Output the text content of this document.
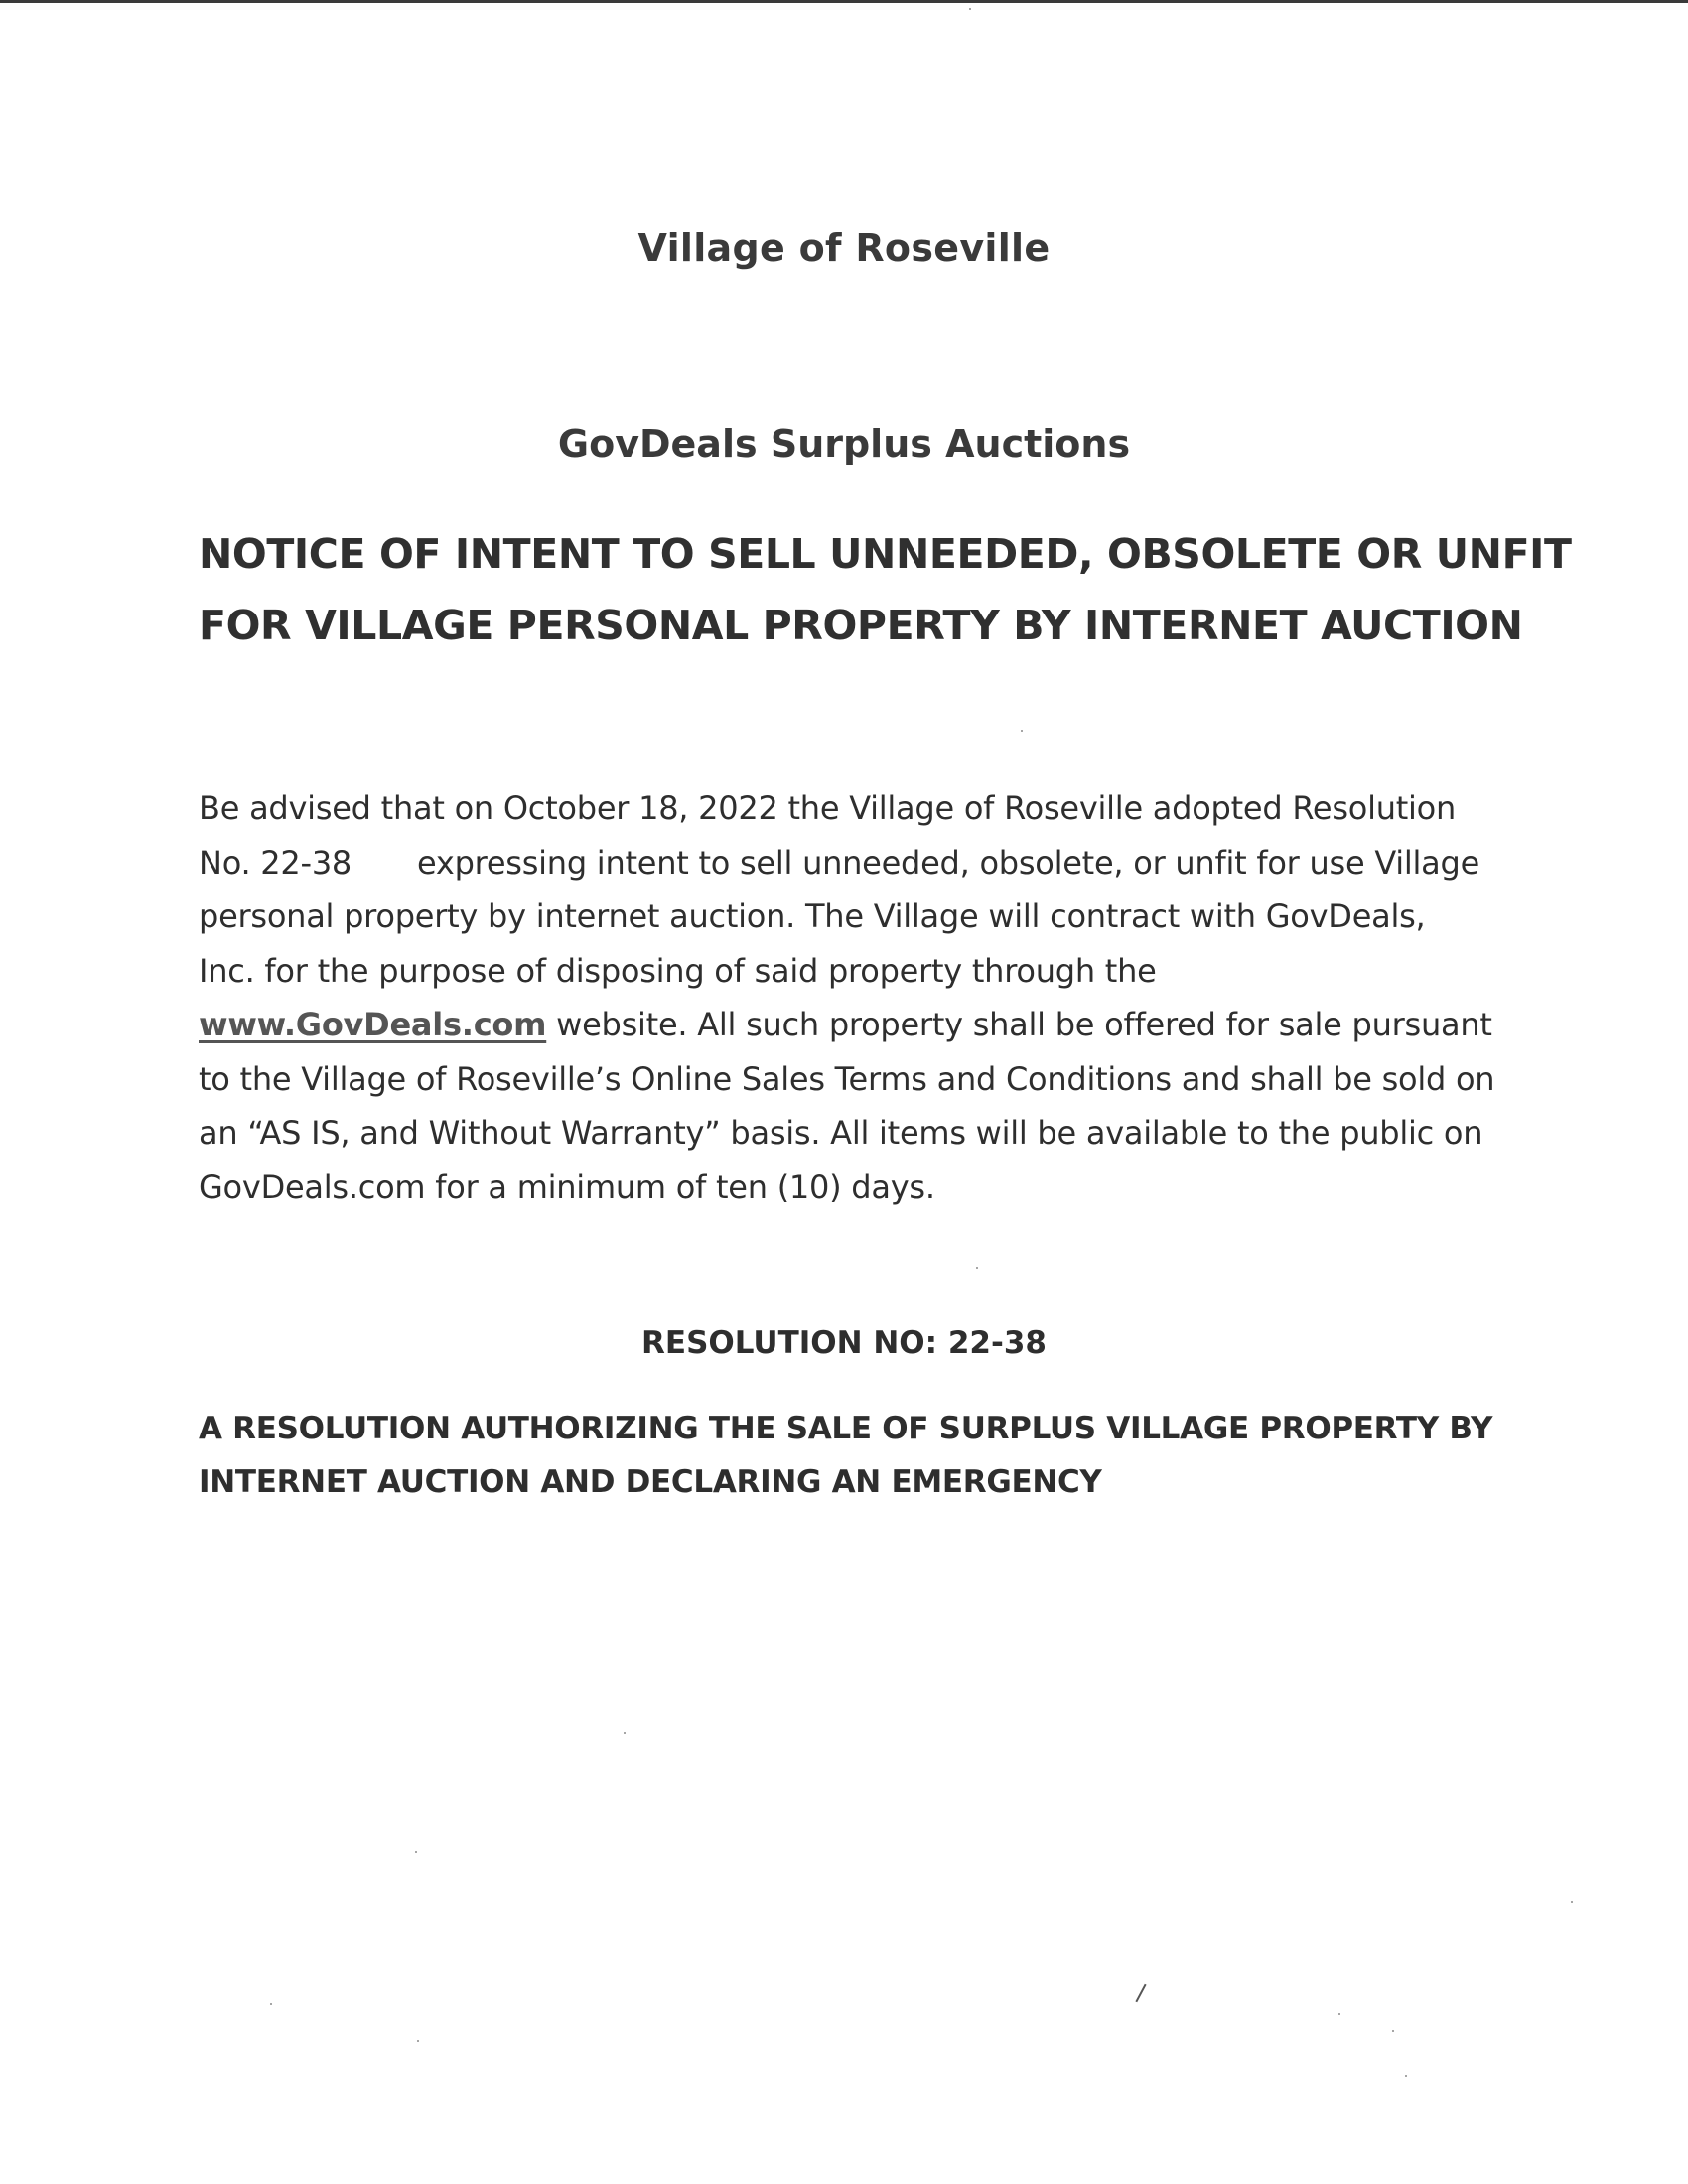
Village of Roseville
GovDeals Surplus Auctions
NOTICE OF INTENT TO SELL UNNEEDED, OBSOLETE OR UNFIT
FOR VILLAGE PERSONAL PROPERTY BY INTERNET AUCTION
Be advised that on October 18, 2022 the Village of Roseville adopted Resolution
No. 22-38 expressing intent to sell unneeded, obsolete, or unfit for use Village
personal property by internet auction. The Village will contract with GovDeals,
Inc. for the purpose of disposing of said property through the
www.GovDeals.com website. All such property shall be offered for sale pursuant
to the Village of Roseville’s Online Sales Terms and Conditions and shall be sold on
an “AS IS, and Without Warranty” basis. All items will be available to the public on
GovDeals.com for a minimum of ten (10) days.
RESOLUTION NO: 22-38
A RESOLUTION AUTHORIZING THE SALE OF SURPLUS VILLAGE PROPERTY BY
INTERNET AUCTION AND DECLARING AN EMERGENCY
